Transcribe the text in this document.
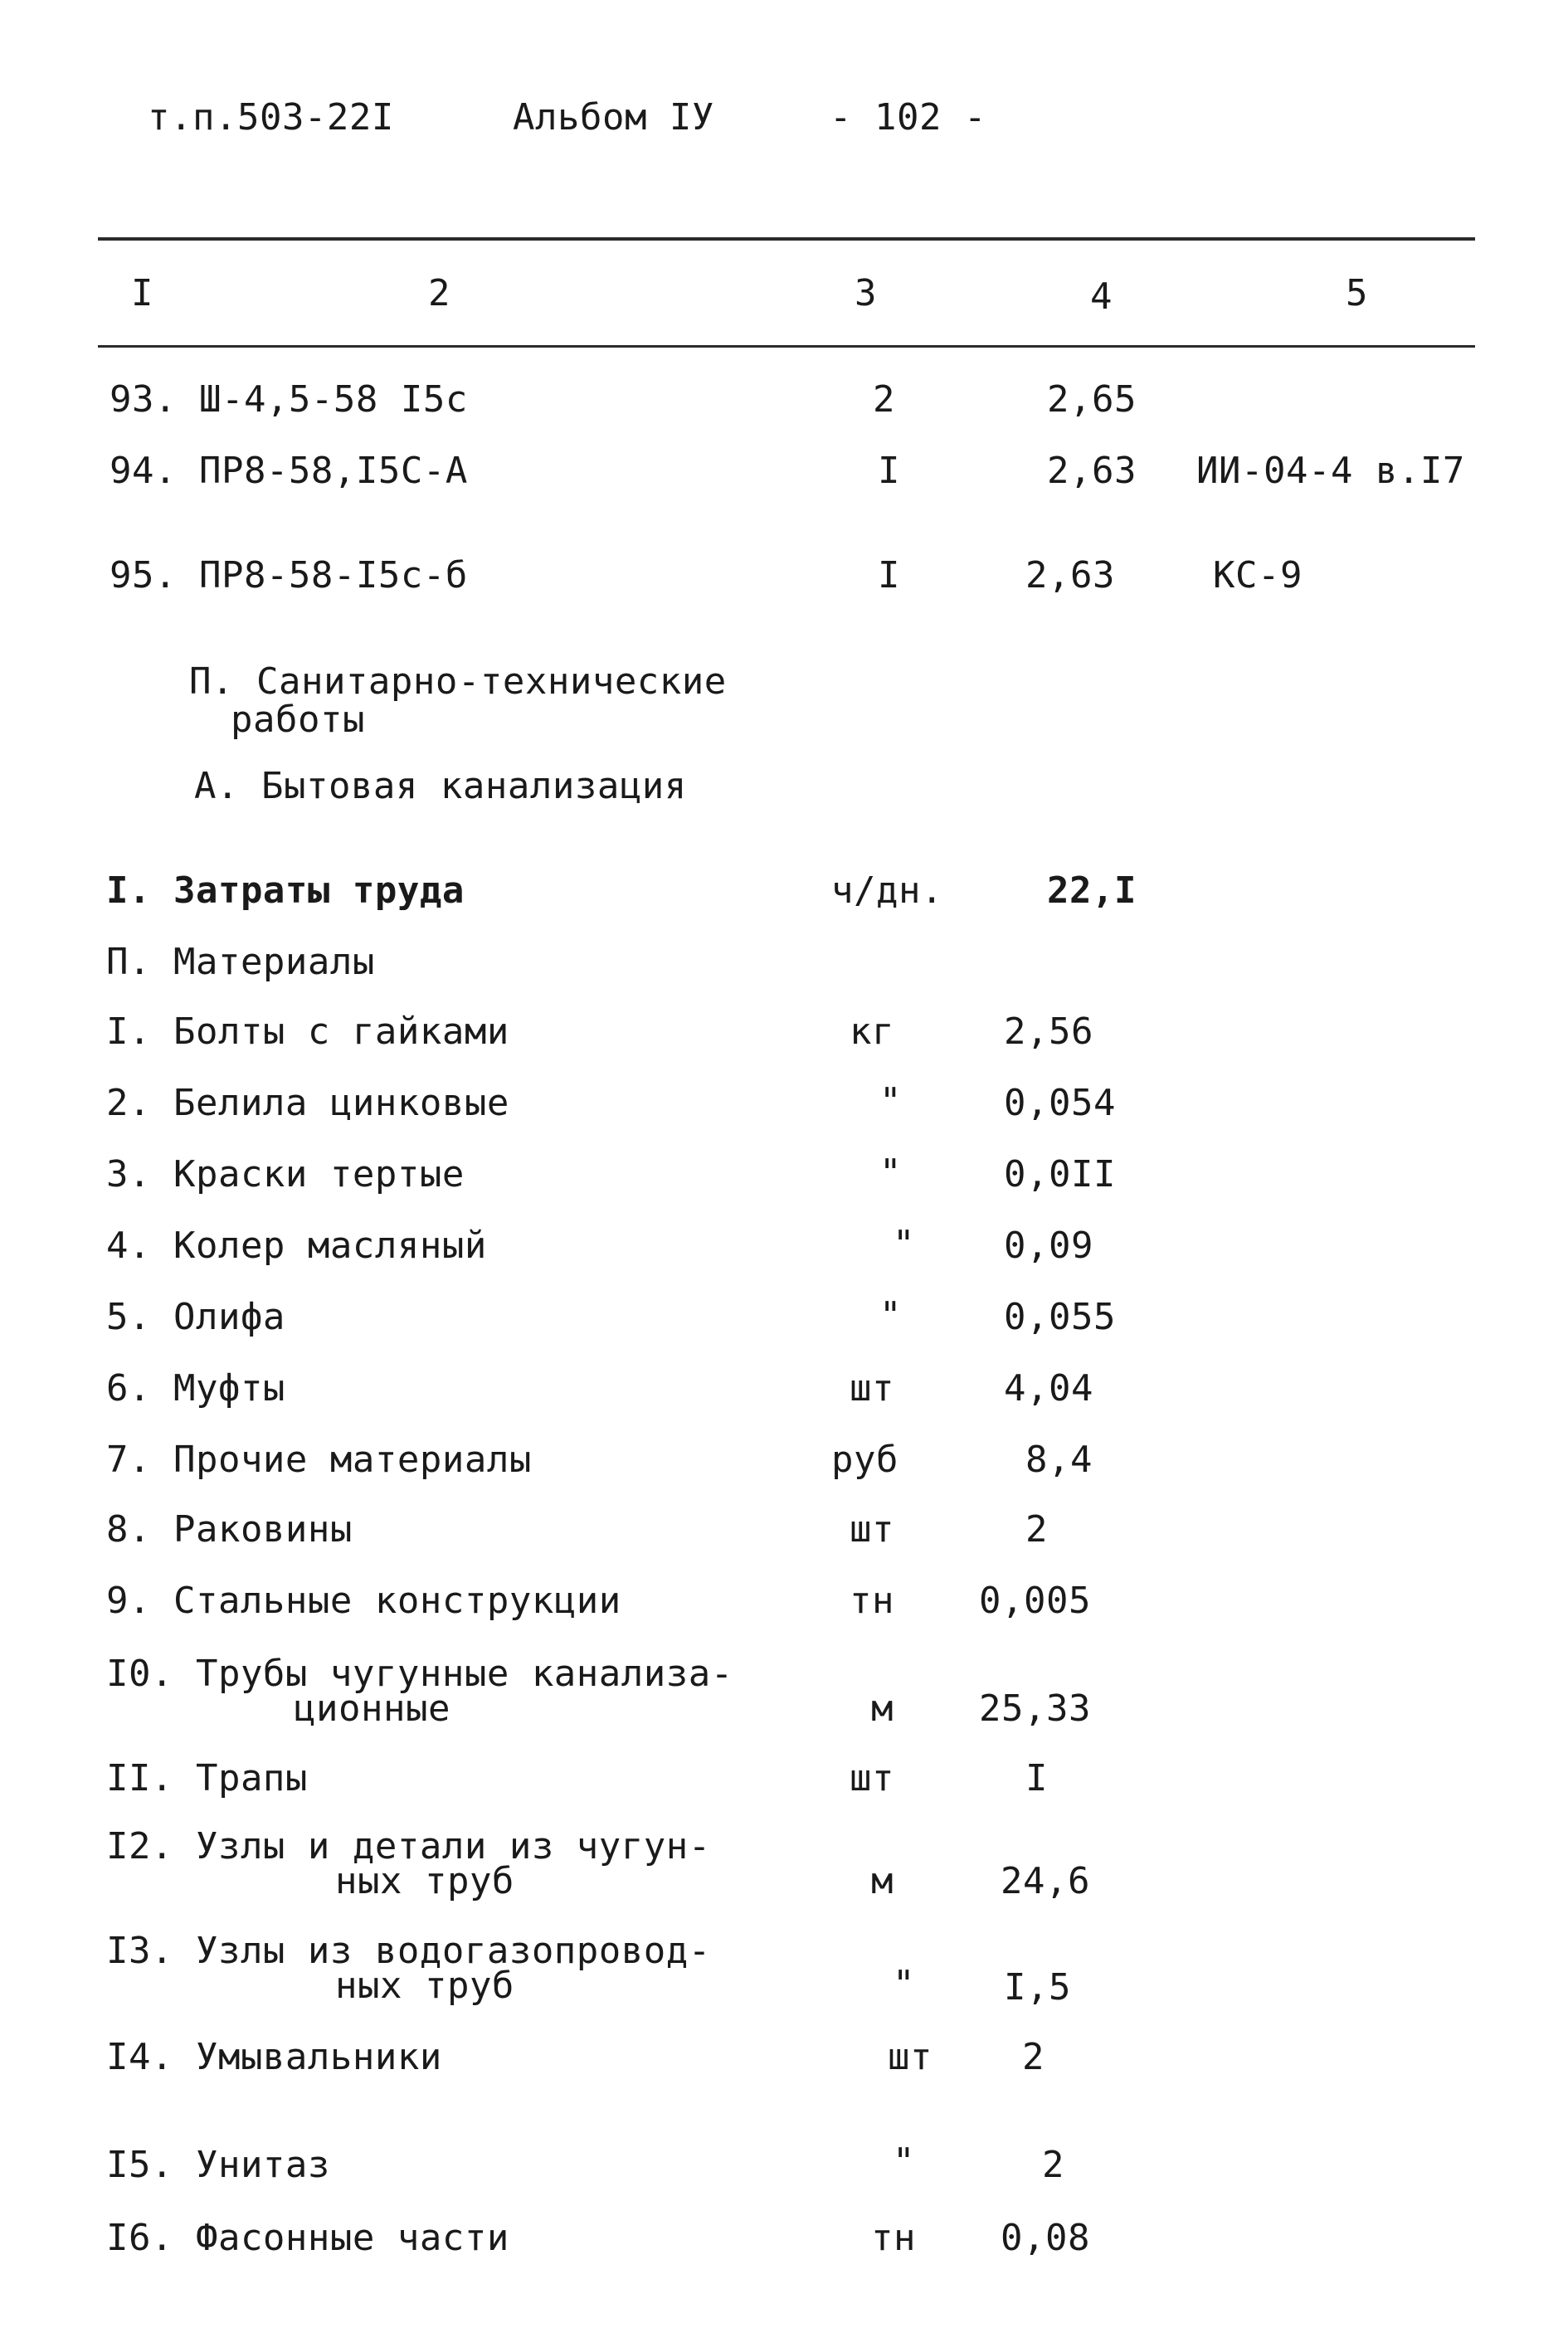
т.п.503-22I	Альбом IУ	- 102 -
I	2	3	4	5
93. Ш-4,5-58 I5с	2	2,65
94. ПР8-58,I5С-А	I	2,63 ИИ-04-4 в.I7
95. ПР8-58-I5с-б	I	2,63	КС-9
П. Санитарно-технические
работы
А. Бытовая канализация
I. Затраты труда	ч/дн.	22,I
П. Материалы
I. Болты с гайками	кг	2,56
2. Белила цинковые	"	0,054
3. Краски тертые	"	0,0II
4. Колер масляный	" 0,09
5. Олифа	"	0,055
6. Муфты	шт	4,04
7. Прочие материалы	руб	8,4
8. Раковины	шт	2
9. Стальные конструкции	тн 0,005
I0. Трубы чугунные канализа-
ционные	м 25,33
II. Трапы	шт	I
I2. Узлы и детали из чугун-
ных труб	м	24,6
I3. Узлы из водогазопровод-
ных труб	" I,5
I4. Умывальники	шт 2
I5. Унитаз	"	2
I6. Фасонные части	тн 0,08
